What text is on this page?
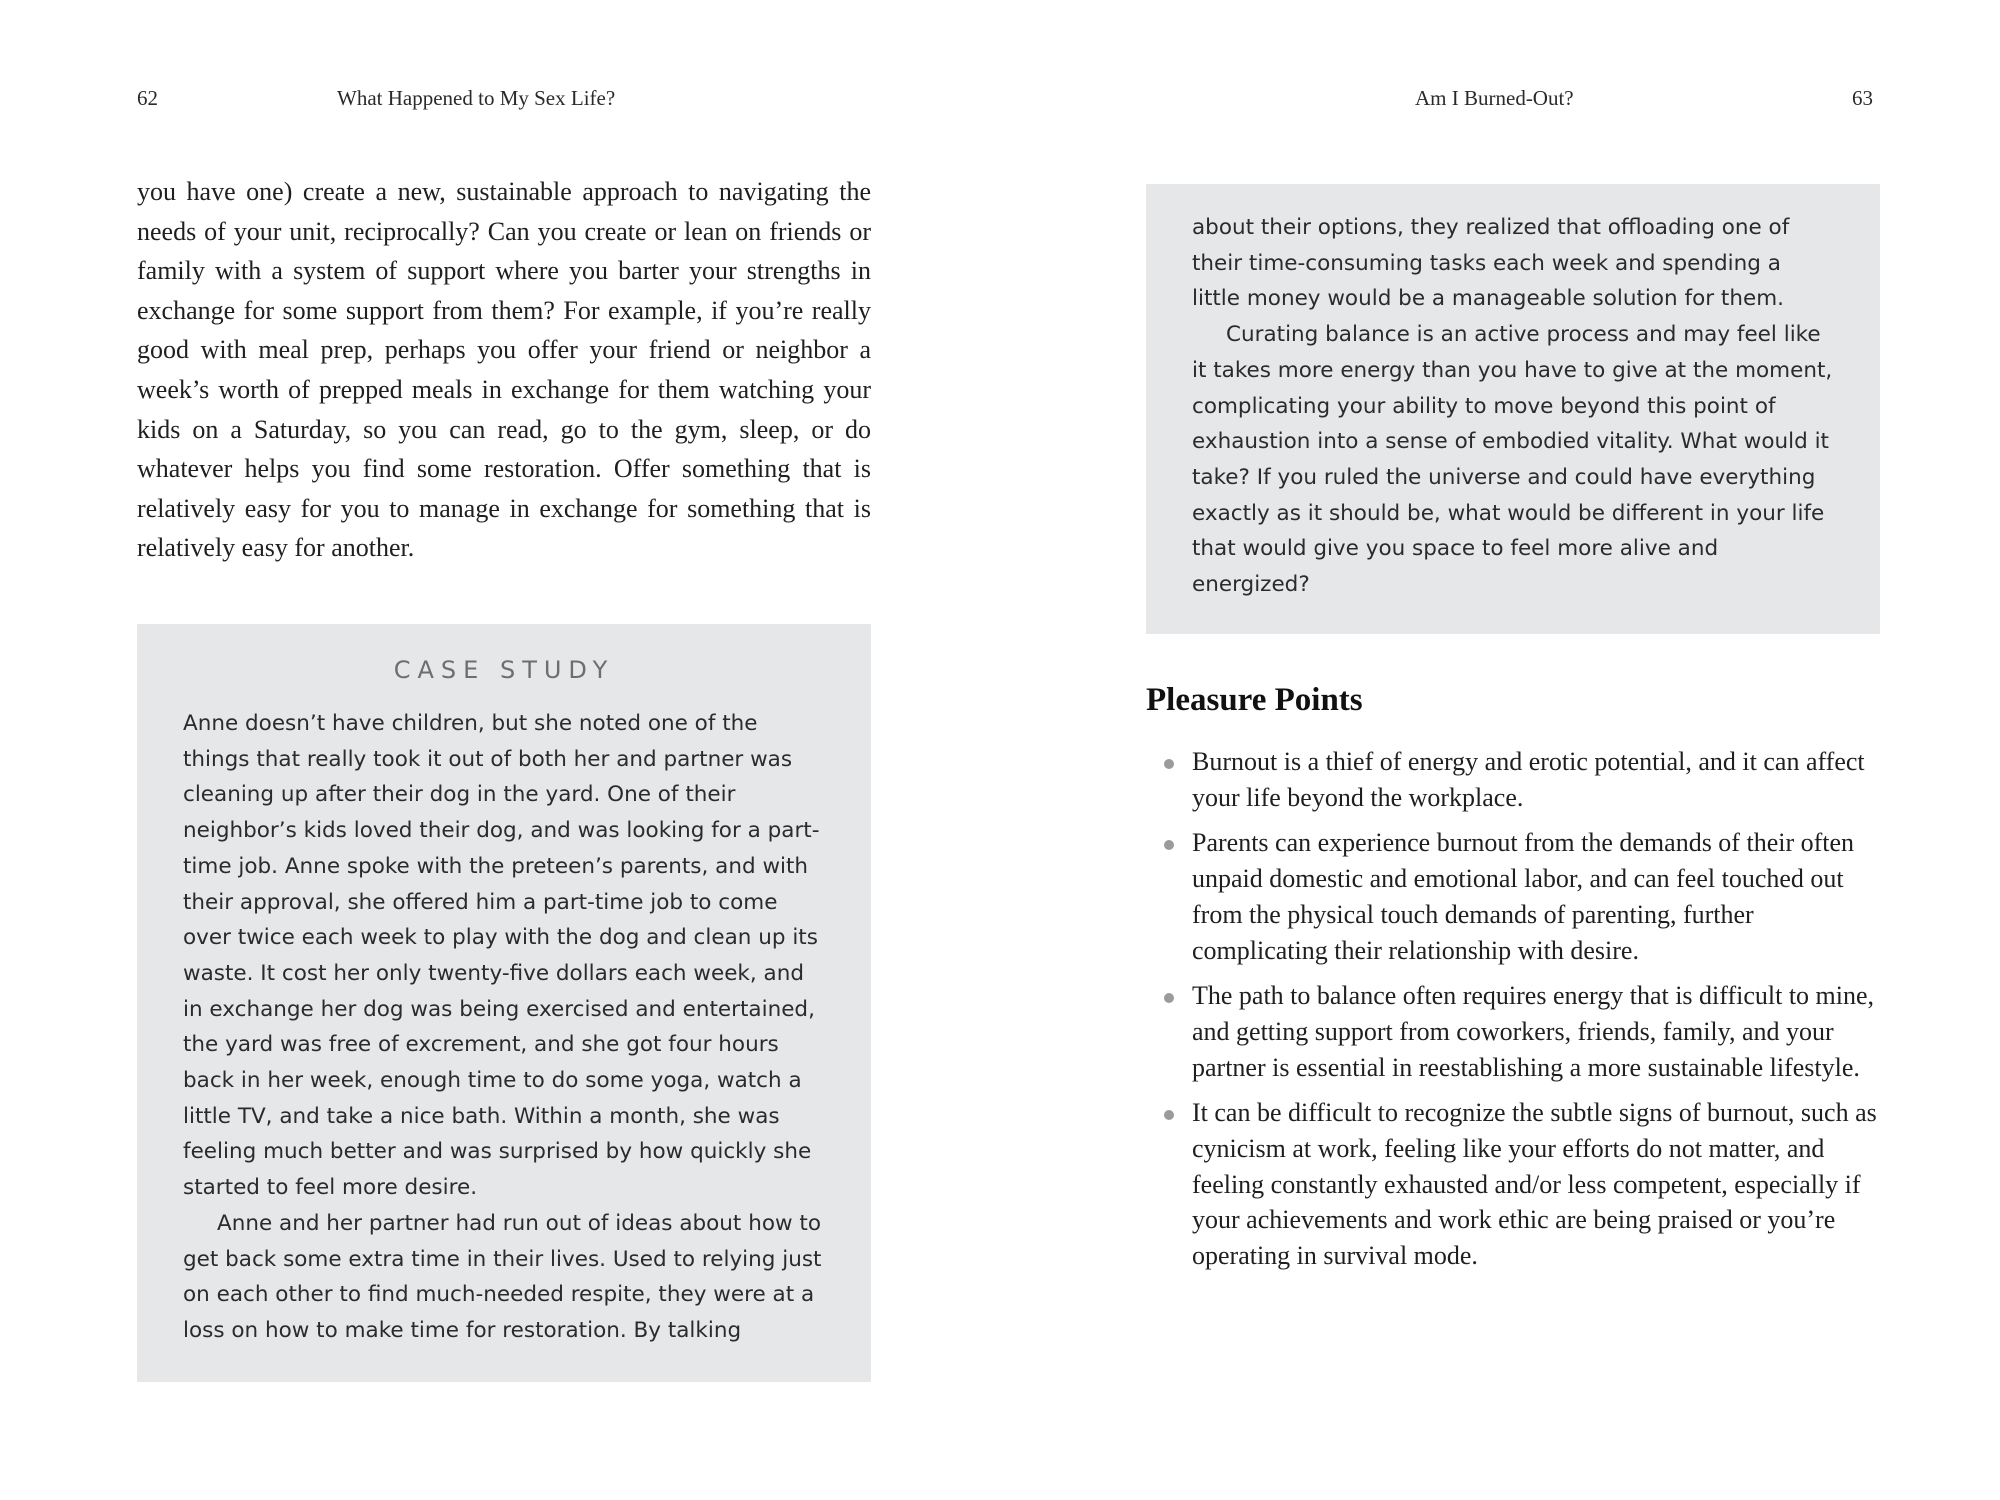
62	What Happened to My Sex Life?

you have one) create a new, sustainable approach to navigating the needs of your unit, reciprocally? Can you create or lean on friends or family with a system of support where you barter your strengths in exchange for some support from them? For example, if you’re really good with meal prep, perhaps you offer your friend or neighbor a week’s worth of prepped meals in exchange for them watching your kids on a Saturday, so you can read, go to the gym, sleep, or do whatever helps you find some restoration. Offer something that is relatively easy for you to manage in exchange for something that is relatively easy for another.

CASE STUDY

Anne doesn’t have children, but she noted one of the things that really took it out of both her and partner was cleaning up after their dog in the yard. One of their neighbor’s kids loved their dog, and was looking for a part-time job. Anne spoke with the preteen’s parents, and with their approval, she offered him a part-time job to come over twice each week to play with the dog and clean up its waste. It cost her only twenty-five dollars each week, and in exchange her dog was being exercised and entertained, the yard was free of excrement, and she got four hours back in her week, enough time to do some yoga, watch a little TV, and take a nice bath. Within a month, she was feeling much better and was surprised by how quickly she started to feel more desire.

Anne and her partner had run out of ideas about how to get back some extra time in their lives. Used to relying just on each other to find much-needed respite, they were at a loss on how to make time for restoration. By talking

Am I Burned-Out?	63

about their options, they realized that offloading one of their time-consuming tasks each week and spending a little money would be a manageable solution for them.

Curating balance is an active process and may feel like it takes more energy than you have to give at the moment, complicating your ability to move beyond this point of exhaustion into a sense of embodied vitality. What would it take? If you ruled the universe and could have everything exactly as it should be, what would be different in your life that would give you space to feel more alive and energized?

Pleasure Points
Burnout is a thief of energy and erotic potential, and it can affect your life beyond the workplace.
Parents can experience burnout from the demands of their often unpaid domestic and emotional labor, and can feel touched out from the physical touch demands of parenting, further complicating their relationship with desire.
The path to balance often requires energy that is difficult to mine, and getting support from coworkers, friends, family, and your partner is essential in reestablishing a more sustainable lifestyle.
It can be difficult to recognize the subtle signs of burnout, such as cynicism at work, feeling like your efforts do not matter, and feeling constantly exhausted and/or less competent, especially if your achievements and work ethic are being praised or you’re operating in survival mode.
